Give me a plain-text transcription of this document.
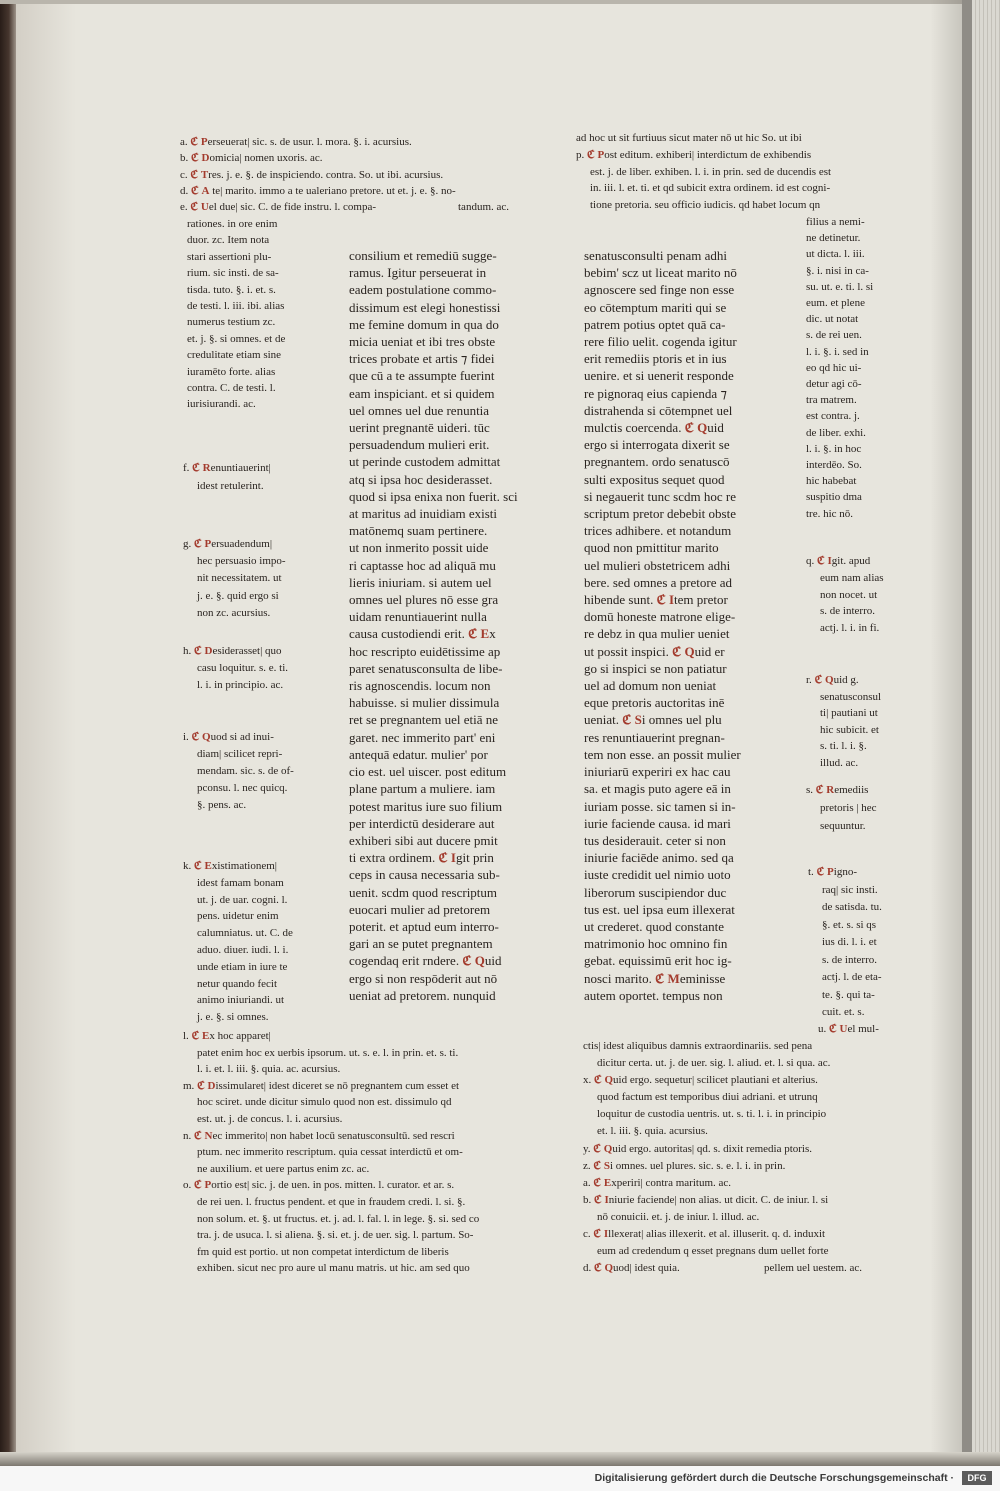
a. ℭ Perseuerat| sic. s. de usur. l. mora. §. i. acursius.
b. ℭ Domicia| nomen uxoris. ac.
c. ℭ Tres. j. e. §. de inspiciendo. contra. So. ut ibi. acursius.
d. ℭ A te| marito. immo a te ualeriano pretore. ut et. j. e. §. no-
e. ℭ Uel due| sic. C. de fide instru. l. compa-	tandum. ac.
ad hoc ut sit furtiuus sicut mater nō ut hic So. ut ibi
p. ℭ Post editum. exhiberi| interdictum de exhibendis
est. j. de liber. exhiben. l. i. in prin. sed de ducendis est
in. iii. l. et. ti. et qd subicit extra ordinem. id est cogni-
tione pretoria. seu officio iudicis. qd habet locum qn
rationes. in ore enim
duor. zc. Item nota
stari assertioni plu-
rium. sic insti. de sa-
tisda. tuto. §. i. et. s.
de testi. l. iii. ibi. alias
numerus testium zc.
et. j. §. si omnes. et de
credulitate etiam sine
iuramēto forte. alias
contra. C. de testi. l.
iurisiurandi. ac.
f. ℭ Renuntiauerint|
idest retulerint.
g. ℭ Persuadendum|
hec persuasio impo-
nit necessitatem. ut
j. e. §. quid ergo si
non zc. acursius.
h. ℭ Desiderasset| quo
casu loquitur. s. e. ti.
l. i. in principio. ac.
i. ℭ Quod si ad inui-
diam| scilicet repri-
mendam. sic. s. de of-
pconsu. l. nec quicq.
§. pens. ac.
k. ℭ Existimationem|
idest famam bonam
ut. j. de uar. cogni. l.
pens. uidetur enim
calumniatus. ut. C. de
aduo. diuer. iudi. l. i.
unde etiam in iure te
netur quando fecit
animo iniuriandi. ut
j. e. §. si omnes.
consilium et remediū sugge-
ramus. Igitur perseuerat in
eadem postulatione commo-
dissimum est elegi honestissi
me femine domum in qua do
micia ueniat et ibi tres obste
trices probate et artis ⁊ fidei
que cū a te assumpte fuerint
eam inspiciant. et si quidem
uel omnes uel due renuntia
uerint pregnantē uideri. tūc
persuadendum mulieri erit.
ut perinde custodem admittat
atq si ipsa hoc desiderasset.
quod si ipsa enixa non fuerit. sci
at maritus ad inuidiam existi
matōnemq suam pertinere.
ut non inmerito possit uide
ri captasse hoc ad aliquā mu
lieris iniuriam. si autem uel
omnes uel plures nō esse gra
uidam renuntiauerint nulla
causa custodiendi erit. ℭ Ex
hoc rescripto euidētissime ap
paret senatusconsulta de libe-
ris agnoscendis. locum non
habuisse. si mulier dissimula
ret se pregnantem uel etiā ne
garet. nec immerito part' eni
antequā edatur. mulier' por
cio est. uel uiscer. post editum
plane partum a muliere. iam
potest maritus iure suo filium
per interdictū desiderare aut
exhiberi sibi aut ducere pmit
ti extra ordinem. ℭ Igit prin
ceps in causa necessaria sub-
uenit. scdm quod rescriptum
euocari mulier ad pretorem
poterit. et aptud eum interro-
gari an se putet pregnantem
cogendaq erit rndere. ℭ Quid
ergo si non respōderit aut nō
ueniat ad pretorem. nunquid
senatusconsulti penam adhi
bebim' scz ut liceat marito nō
agnoscere sed finge non esse
eo cōtemptum mariti qui se
patrem potius optet quā ca-
rere filio uelit. cogenda igitur
erit remediis ptoris et in ius
uenire. et si uenerit responde
re pignoraq eius capienda ⁊
distrahenda si cōtempnet uel
mulctis coercenda. ℭ Quid
ergo si interrogata dixerit se
pregnantem. ordo senatuscō
sulti expositus sequet quod
si negauerit tunc scdm hoc re
scriptum pretor debebit obste
trices adhibere. et notandum
quod non pmittitur marito
uel mulieri obstetricem adhi
bere. sed omnes a pretore ad
hibende sunt. ℭ Item pretor
domū honeste matrone elige-
re debz in qua mulier ueniet
ut possit inspici. ℭ Quid er
go si inspici se non patiatur
uel ad domum non ueniat
eque pretoris auctoritas inē
ueniat. ℭ Si omnes uel plu
res renuntiauerint pregnan-
tem non esse. an possit mulier
iniuriarū experiri ex hac cau
sa. et magis puto agere eā in
iuriam posse. sic tamen si in-
iurie faciende causa. id mari
tus desiderauit. ceter si non
iniurie faciēde animo. sed qa
iuste credidit uel nimio uoto
liberorum suscipiendor duc
tus est. uel ipsa eum illexerat
ut crederet. quod constante
matrimonio hoc omnino fin
gebat. equissimū erit hoc ig-
nosci marito. ℭ Meminisse
autem oportet. tempus non
filius a nemi-
ne detinetur.
ut dicta. l. iii.
§. i. nisi in ca-
su. ut. e. ti. l. si
eum. et plene
dic. ut notat
s. de rei uen.
l. i. §. i. sed in
eo qd hic ui-
detur agi cō-
tra matrem.
est contra. j.
de liber. exhi.
l. i. §. in hoc
interdēo. So.
hic habebat
suspitio dma
tre. hic nō.
q. ℭ Igit. apud
eum nam alias
non nocet. ut
s. de interro.
actj. l. i. in fi.
r. ℭ Quid g.
senatusconsul
ti| pautiani ut
hic subicit. et
s. ti. l. i. §.
illud. ac.
s. ℭ Remediis
pretoris | hec
sequuntur.
t. ℭ Pigno-
raq| sic insti.
de satisda. tu.
§. et. s. si qs
ius di. l. i. et
s. de interro.
actj. l. de eta-
te. §. qui ta-
cuit. et. s.
u. ℭ Uel mul-
l. ℭ Ex hoc apparet|
patet enim hoc ex uerbis ipsorum. ut. s. e. l. in prin. et. s. ti.
l. i. et. l. iii. §. quia. ac. acursius.
m. ℭ Dissimularet| idest diceret se nō pregnantem cum esset et
hoc sciret. unde dicitur simulo quod non est. dissimulo qd
est. ut. j. de concus. l. i. acursius.
n. ℭ Nec immerito| non habet locū senatusconsultū. sed rescri
ptum. nec immerito rescriptum. quia cessat interdictū et om-
ne auxilium. et uere partus enim zc. ac.
o. ℭ Portio est| sic. j. de uen. in pos. mitten. l. curator. et ar. s.
de rei uen. l. fructus pendent. et que in fraudem credi. l. si. §.
non solum. et. §. ut fructus. et. j. ad. l. fal. l. in lege. §. si. sed co
tra. j. de usuca. l. si aliena. §. si. et. j. de uer. sig. l. partum. So-
fm quid est portio. ut non competat interdictum de liberis
exhiben. sicut nec pro aure ul manu matris. ut hic. am sed quo
ctis| idest aliquibus damnis extraordinariis. sed pena
dicitur certa. ut. j. de uer. sig. l. aliud. et. l. si qua. ac.
x. ℭ Quid ergo. sequetur| scilicet plautiani et alterius.
quod factum est temporibus diui adriani. et utrunq
loquitur de custodia uentris. ut. s. ti. l. i. in principio
et. l. iii. §. quia. acursius.
y. ℭ Quid ergo. autoritas| qd. s. dixit remedia ptoris.
z. ℭ Si omnes. uel plures. sic. s. e. l. i. in prin.
a. ℭ Experiri| contra maritum. ac.
b. ℭ Iniurie faciende| non alias. ut dicit. C. de iniur. l. si
nō conuicii. et. j. de iniur. l. illud. ac.
c. ℭ Illexerat| alias illexerit. et al. illuserit. q. d. induxit
eum ad credendum q esset pregnans dum uellet forte
d. ℭ Quod| idest quia.	pellem uel uestem. ac.
Digitalisierung gefördert durch die Deutsche Forschungsgemeinschaft ·	DFG
